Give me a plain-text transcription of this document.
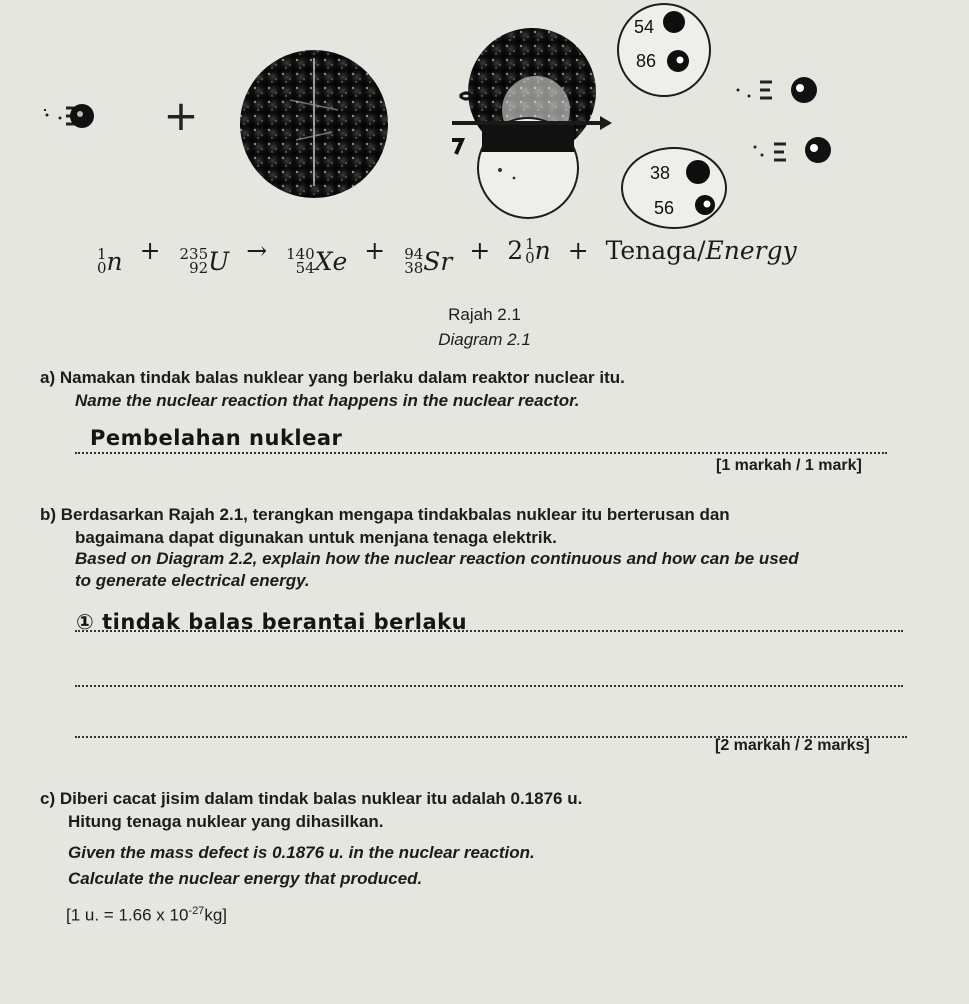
+
54
86
38
56
1
0 n + 235
92 U → 140
54 Xe + 94
38 Sr + 2 1
0 n + Tenaga/Energy
Rajah 2.1
Diagram 2.1
a) Namakan tindak balas nuklear yang berlaku dalam reaktor nuclear itu.
Name the nuclear reaction that happens in the nuclear reactor.
Pembelahan nuklear
[1 markah / 1 mark]
b) Berdasarkan Rajah 2.1, terangkan mengapa tindakbalas nuklear itu berterusan dan
bagaimana dapat digunakan untuk menjana tenaga elektrik.
Based on Diagram 2.2, explain how the nuclear reaction continuous and how can be used
to generate electrical energy.
① tindak balas berantai berlaku
[2 markah / 2 marks]
c) Diberi cacat jisim dalam tindak balas nuklear itu adalah 0.1876 u.
Hitung tenaga nuklear yang dihasilkan.
Given the mass defect is 0.1876 u. in the nuclear reaction.
Calculate the nuclear energy that produced.
[1 u. = 1.66 x $10^{-27}kg$]
